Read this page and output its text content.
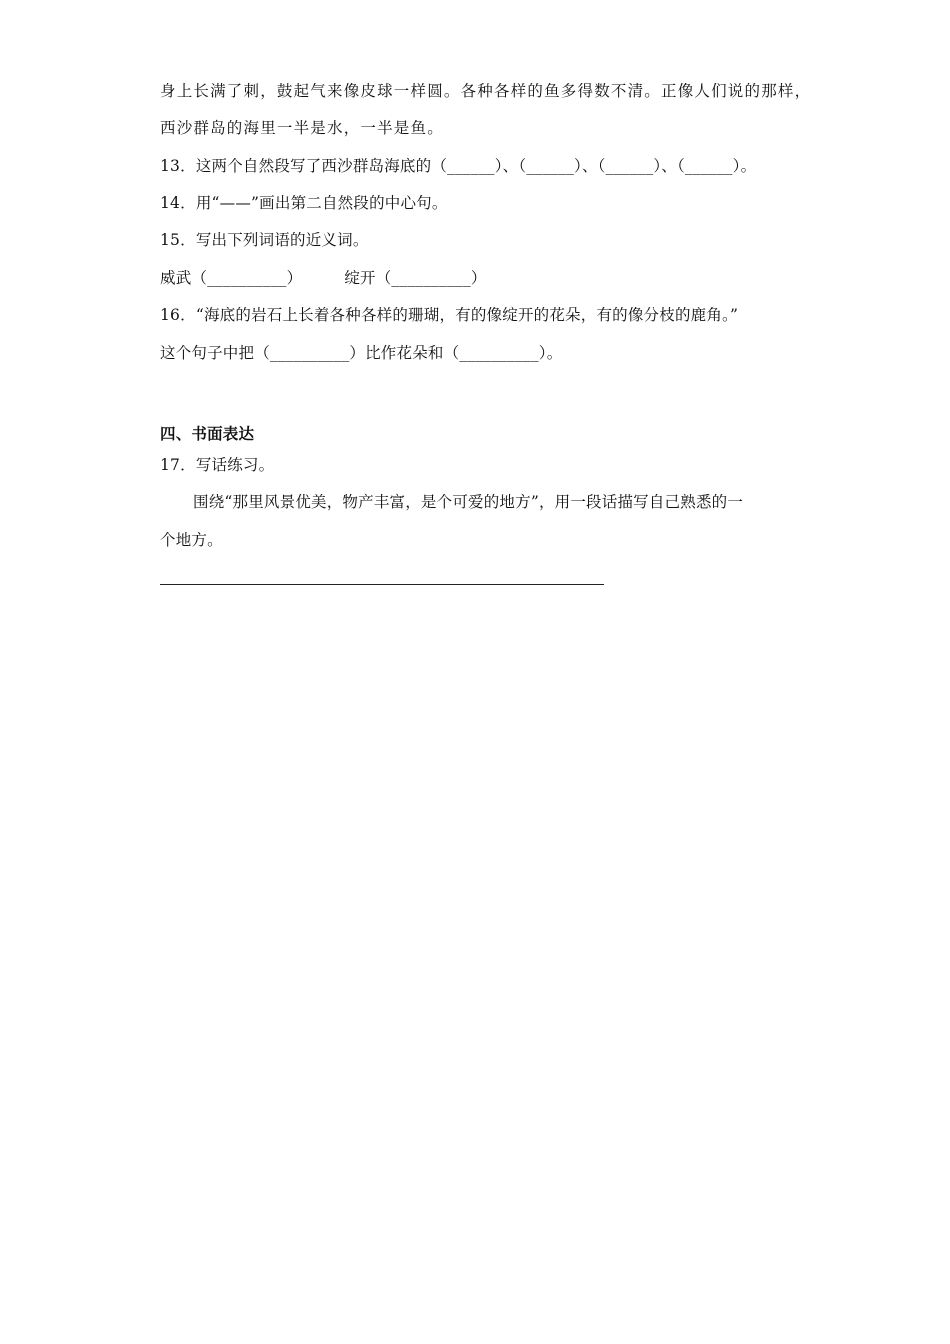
身上长满了刺，鼓起气来像皮球一样圆。各种各样的鱼多得数不清。正像人们说的那样，
西沙群岛的海里一半是水，一半是鱼。
13．这两个自然段写了西沙群岛海底的（______）、（______）、（______）、（______）。
14．用“——”画出第二自然段的中心句。
15．写出下列词语的近义词。
威武（__________）	绽开（__________）
16．“海底的岩石上长着各种各样的珊瑚，有的像绽开的花朵，有的像分枝的鹿角。”
这个句子中把（__________）比作花朵和（__________）。
四、书面表达
17．写话练习。
围绕“那里风景优美，物产丰富，是个可爱的地方”，用一段话描写自己熟悉的一
个地方。
